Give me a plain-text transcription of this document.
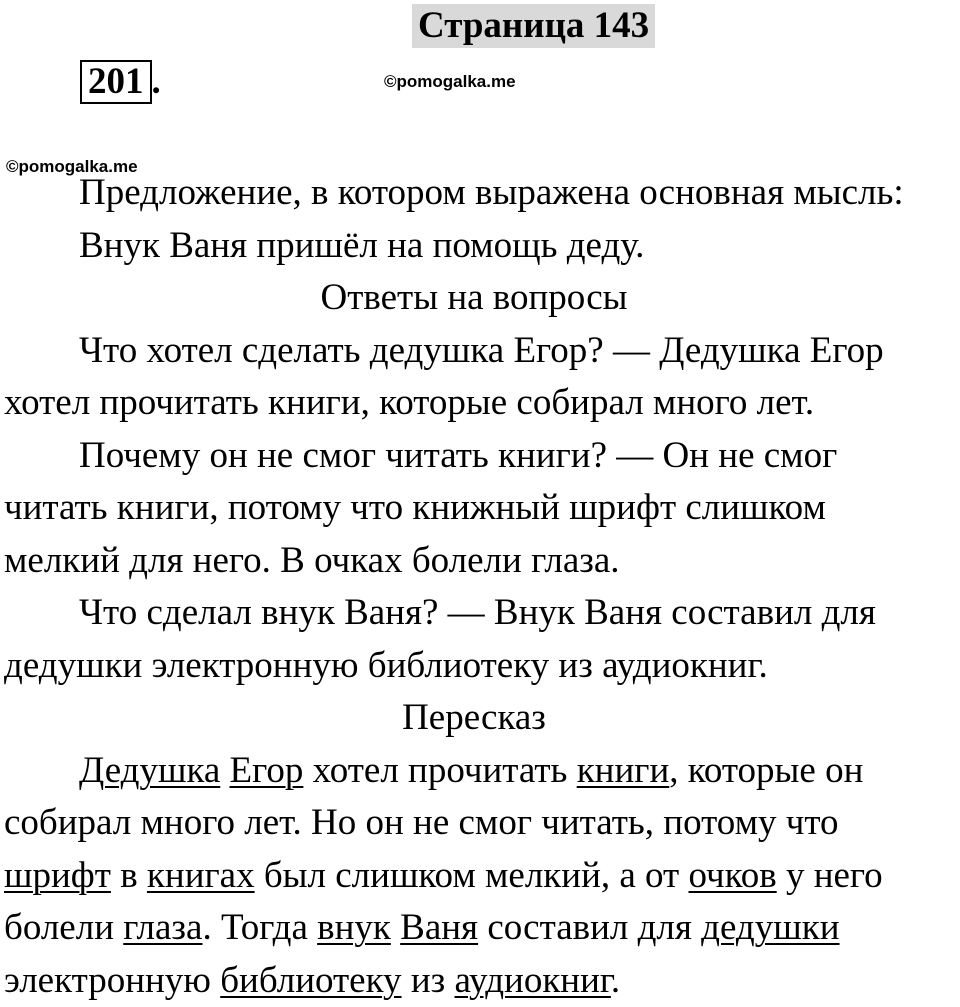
Страница 143
201 .	©pomogalka.me
©pomogalka.me

Предложение, в котором выражена основная мысль:

Внук Ваня пришёл на помощь деду.

Ответы на вопросы

Что хотел сделать дедушка Егор? — Дедушка Егор хотел прочитать книги, которые собирал много лет.

Почему он не смог читать книги? — Он не смог читать книги, потому что книжный шрифт слишком мелкий для него. В очках болели глаза.

Что сделал внук Ваня? — Внук Ваня составил для дедушки электронную библиотеку из аудиокниг.

Пересказ

Дедушка Егор хотел прочитать книги, которые он собирал много лет. Но он не смог читать, потому что шрифт в книгах был слишком мелкий, а от очков у него болели глаза. Тогда внук Ваня составил для дедушки электронную библиотеку из аудиокниг.
